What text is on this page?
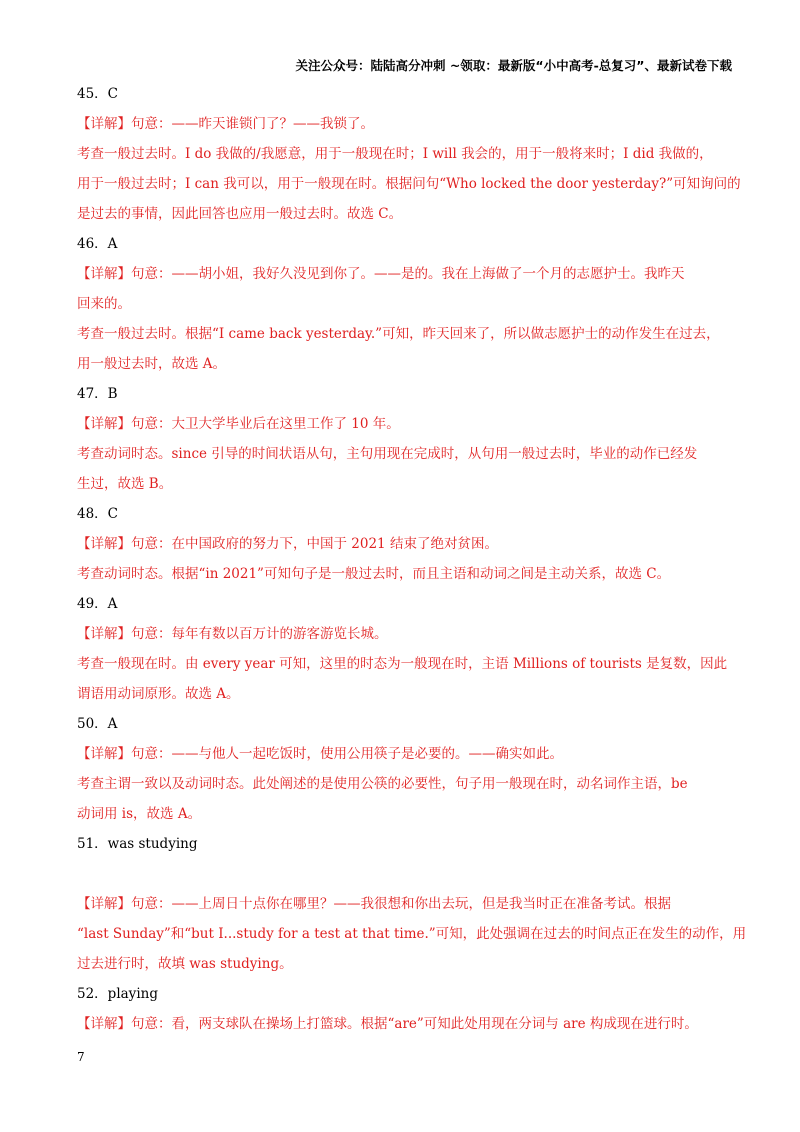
关注公众号：陆陆高分冲刺 ~领取：最新版“小中高考-总复习”、最新试卷下载
45．C
【详解】句意：——昨天谁锁门了？——我锁了。
考查一般过去时。I do 我做的/我愿意，用于一般现在时；I will 我会的，用于一般将来时；I did 我做的，
用于一般过去时；I can 我可以，用于一般现在时。根据问句“Who locked the door yesterday?”可知询问的
是过去的事情，因此回答也应用一般过去时。故选 C。
46．A
【详解】句意：——胡小姐，我好久没见到你了。——是的。我在上海做了一个月的志愿护士。我昨天
回来的。
考查一般过去时。根据“I came back yesterday.”可知，昨天回来了，所以做志愿护士的动作发生在过去，
用一般过去时，故选 A。
47．B
【详解】句意：大卫大学毕业后在这里工作了 10 年。
考查动词时态。since 引导的时间状语从句，主句用现在完成时，从句用一般过去时，毕业的动作已经发
生过，故选 B。
48．C
【详解】句意：在中国政府的努力下，中国于 2021 结束了绝对贫困。
考查动词时态。根据“in 2021”可知句子是一般过去时，而且主语和动词之间是主动关系，故选 C。
49．A
【详解】句意：每年有数以百万计的游客游览长城。
考查一般现在时。由 every year 可知，这里的时态为一般现在时，主语 Millions of tourists 是复数，因此
谓语用动词原形。故选 A。
50．A
【详解】句意：——与他人一起吃饭时，使用公用筷子是必要的。——确实如此。
考查主谓一致以及动词时态。此处阐述的是使用公筷的必要性，句子用一般现在时，动名词作主语，be
动词用 is，故选 A。
51．was studying
【详解】句意：——上周日十点你在哪里？——我很想和你出去玩，但是我当时正在准备考试。根据
“last Sunday”和“but I...study for a test at that time.”可知，此处强调在过去的时间点正在发生的动作，用
过去进行时，故填 was studying。
52．playing
【详解】句意：看，两支球队在操场上打篮球。根据“are”可知此处用现在分词与 are 构成现在进行时。
7
